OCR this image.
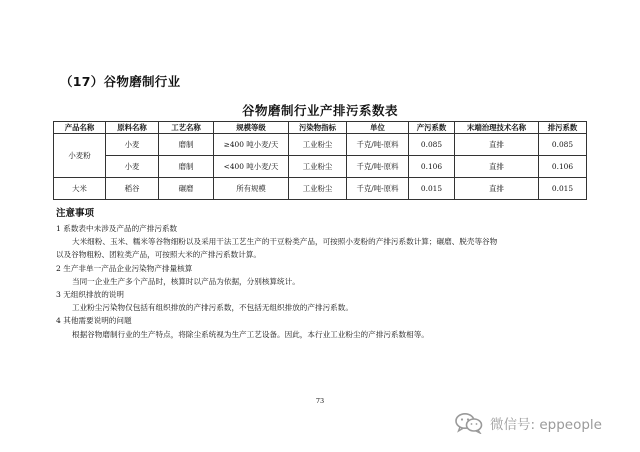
（17）谷物磨制行业
谷物磨制行业产排污系数表
产品名称	原料名称	工艺名称	规模等级	污染物指标	单位	产污系数	末端治理技术名称	排污系数
小麦粉	小麦	磨制	≥400 吨小麦/天	工业粉尘	千克/吨-原料	0.085	直排	0.085
	小麦	磨制	<400 吨小麦/天	工业粉尘	千克/吨-原料	0.106	直排	0.106
大米	稻谷	碾磨	所有规模	工业粉尘	千克/吨-原料	0.015	直排	0.015
注意事项
1 系数表中未涉及产品的产排污系数
大米细粉、玉米、糯米等谷物细粉以及采用干法工艺生产的干豆粉类产品，可按照小麦粉的产排污系数计算；碾磨、脱壳等谷物
以及谷物粗粉、团粒类产品，可按照大米的产排污系数计算。
2 生产非单一产品企业污染物产排量核算
当同一企业生产多个产品时，核算时以产品为依据，分别核算统计。
3 无组织排放的说明
工业粉尘污染物仅包括有组织排放的产排污系数，不包括无组织排放的产排污系数。
4 其他需要说明的问题
根据谷物磨制行业的生产特点，将除尘系统视为生产工艺设备。因此，本行业工业粉尘的产排污系数相等。
73
微信号: eppeople
